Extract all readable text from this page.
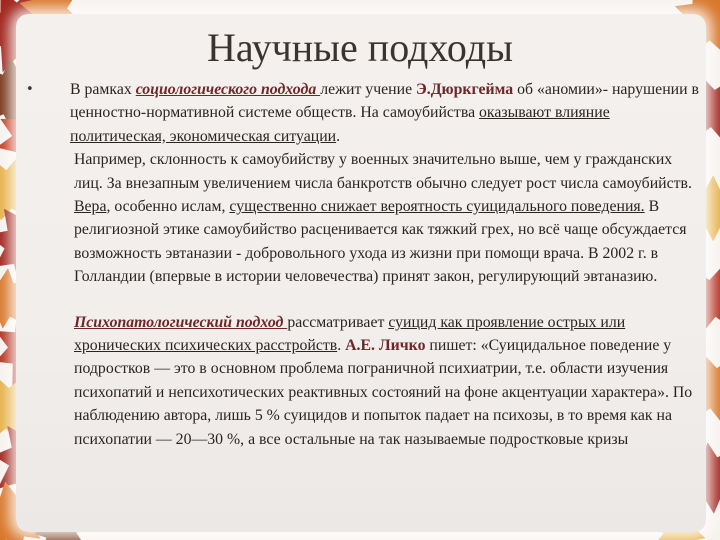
Научные подходы
• В рамках социологического подхода лежит учение Э.Дюркгейма об «аномии»- нарушении в ценностно-нормативной системе обществ. На самоубийства оказывают влияние политическая, экономическая ситуации.

Например, склонность к самоубийству у военных значительно выше, чем у гражданских лиц. За внезапным увеличением числа банкротств обычно следует рост числа самоубийств.

Вера, особенно ислам, существенно снижает вероятность суицидального поведения. В религиозной этике самоубийство расценивается как тяжкий грех, но всё чаще обсуждается возможность эвтаназии - добровольного ухода из жизни при помощи врача. В 2002 г. в Голландии (впервые в истории человечества) принят закон, регулирующий эвтаназию.

Психопатологический подход рассматривает суицид как проявление острых или хронических психических расстройств. А.Е. Личко пишет: «Суицидальное поведение у подростков — это в основном проблема пограничной психиатрии, т.е. области изучения психопатий и непсихотических реактивных состояний на фоне акцентуации характера». По наблюдению автора, лишь 5 % суицидов и попыток падает на психозы, в то время как на психопатии — 20—30 %, а все остальные на так называемые подростковые кризы
